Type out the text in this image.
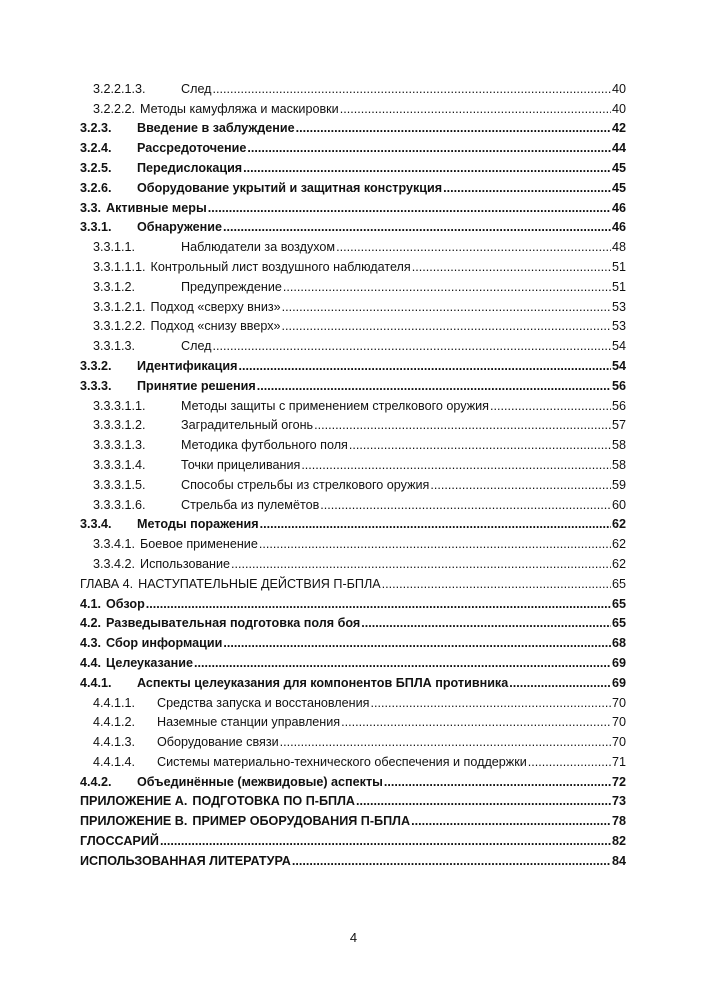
3.2.2.1.3.	След .....	40
3.2.2.2. Методы камуфляжа и маскировки .....	40
3.2.3.	Введение в заблуждение .....	42
3.2.4.	Рассредоточение .....	44
3.2.5.	Передислокация .....	45
3.2.6.	Оборудование укрытий и защитная конструкция .....	45
3.3. Активные меры .....	46
3.3.1.	Обнаружение .....	46
3.3.1.1.	Наблюдатели за воздухом .....	48
3.3.1.1.1. Контрольный лист воздушного наблюдателя .....	51
3.3.1.2.	Предупреждение .....	51
3.3.1.2.1. Подход «сверху вниз» .....	53
3.3.1.2.2. Подход «снизу вверх» .....	53
3.3.1.3.	След .....	54
3.3.2.	Идентификация .....	54
3.3.3.	Принятие решения .....	56
3.3.3.1.1.	Методы защиты с применением стрелкового оружия .....	56
3.3.3.1.2.	Заградительный огонь .....	57
3.3.3.1.3.	Методика футбольного поля .....	58
3.3.3.1.4.	Точки прицеливания .....	58
3.3.3.1.5.	Способы стрельбы из стрелкового оружия .....	59
3.3.3.1.6.	Стрельба из пулемётов .....	60
3.3.4.	Методы поражения .....	62
3.3.4.1. Боевое применение .....	62
3.3.4.2. Использование .....	62
ГЛАВА 4. НАСТУПАТЕЛЬНЫЕ ДЕЙСТВИЯ П-БПЛА .....	65
4.1. Обзор .....	65
4.2. Разведывательная подготовка поля боя .....	65
4.3. Сбор информации .....	68
4.4. Целеуказание .....	69
4.4.1.	Аспекты целеуказания для компонентов БПЛА противника .....	69
4.4.1.1.	Средства запуска и восстановления .....	70
4.4.1.2.	Наземные станции управления .....	70
4.4.1.3.	Оборудование связи .....	70
4.4.1.4.	Системы материально-технического обеспечения и поддержки .....	71
4.4.2.	Объединённые (межвидовые) аспекты .....	72
ПРИЛОЖЕНИЕ А. ПОДГОТОВКА ПО П-БПЛА .....	73
ПРИЛОЖЕНИЕ В. ПРИМЕР ОБОРУДОВАНИЯ П-БПЛА .....	78
ГЛОССАРИЙ .....	82
ИСПОЛЬЗОВАННАЯ ЛИТЕРАТУРА .....	84
4
